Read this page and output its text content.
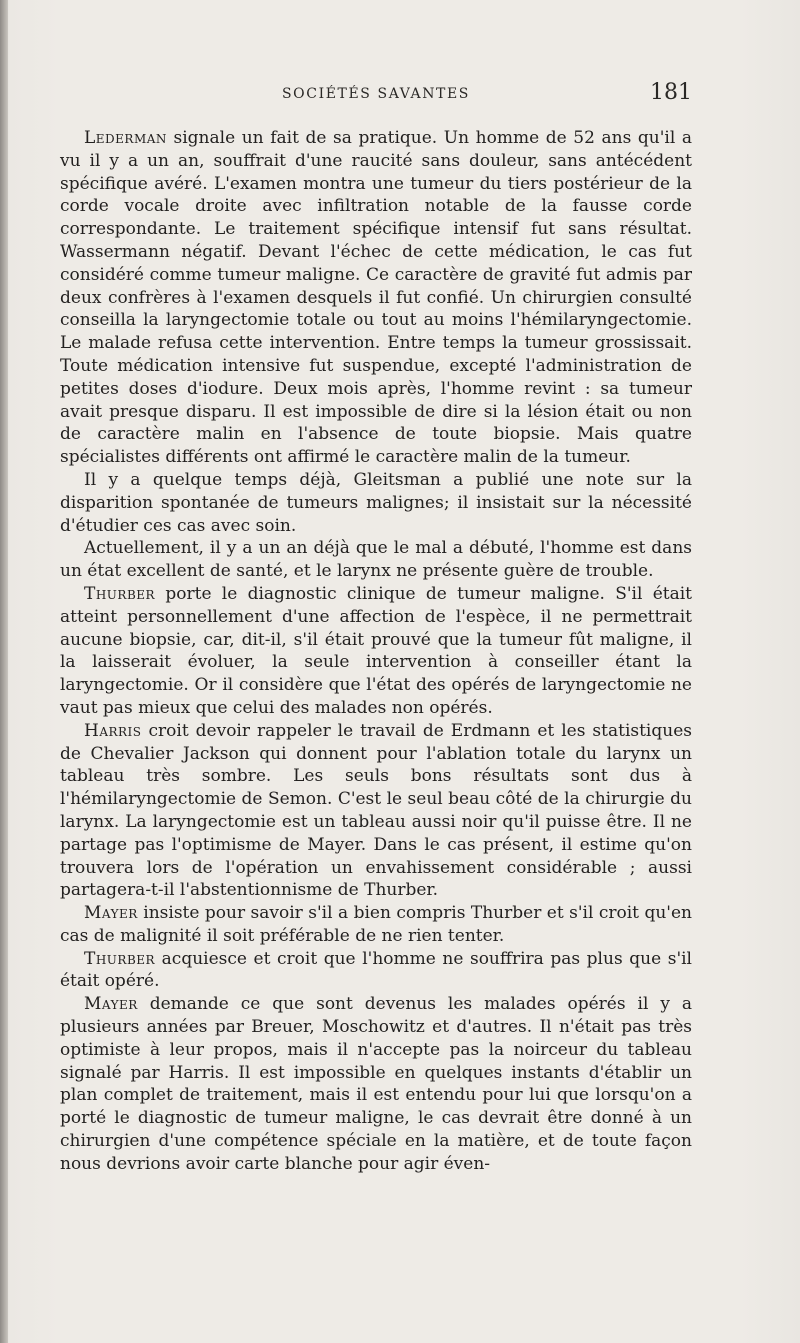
SOCIÉTÉS SAVANTES	181

Lederman signale un fait de sa pratique. Un homme de 52 ans qu'il a vu il y a un an, souffrait d'une raucité sans douleur, sans antécédent spécifique avéré. L'examen montra une tumeur du tiers postérieur de la corde vocale droite avec infiltration notable de la fausse corde correspondante. Le traitement spécifique intensif fut sans résultat. Wassermann négatif. Devant l'échec de cette médication, le cas fut considéré comme tumeur maligne. Ce caractère de gravité fut admis par deux confrères à l'examen desquels il fut confié. Un chirurgien consulté conseilla la laryngectomie totale ou tout au moins l'hémilaryngectomie. Le malade refusa cette intervention. Entre temps la tumeur grossissait. Toute médication intensive fut suspendue, excepté l'administration de petites doses d'iodure. Deux mois après, l'homme revint : sa tumeur avait presque disparu. Il est impossible de dire si la lésion était ou non de caractère malin en l'absence de toute biopsie. Mais quatre spécialistes différents ont affirmé le caractère malin de la tumeur.

Il y a quelque temps déjà, Gleitsman a publié une note sur la disparition spontanée de tumeurs malignes; il insistait sur la nécessité d'étudier ces cas avec soin.

Actuellement, il y a un an déjà que le mal a débuté, l'homme est dans un état excellent de santé, et le larynx ne présente guère de trouble.

Thurber porte le diagnostic clinique de tumeur maligne. S'il était atteint personnellement d'une affection de l'espèce, il ne permettrait aucune biopsie, car, dit-il, s'il était prouvé que la tumeur fût maligne, il la laisserait évoluer, la seule intervention à conseiller étant la laryngectomie. Or il considère que l'état des opérés de laryngectomie ne vaut pas mieux que celui des malades non opérés.

Harris croit devoir rappeler le travail de Erdmann et les statistiques de Chevalier Jackson qui donnent pour l'ablation totale du larynx un tableau très sombre. Les seuls bons résultats sont dus à l'hémilaryngectomie de Semon. C'est le seul beau côté de la chirurgie du larynx. La laryngectomie est un tableau aussi noir qu'il puisse être. Il ne partage pas l'optimisme de Mayer. Dans le cas présent, il estime qu'on trouvera lors de l'opération un envahissement considérable ; aussi partagera-t-il l'abstentionnisme de Thurber.

Mayer insiste pour savoir s'il a bien compris Thurber et s'il croit qu'en cas de malignité il soit préférable de ne rien tenter.

Thurber acquiesce et croit que l'homme ne souffrira pas plus que s'il était opéré.

Mayer demande ce que sont devenus les malades opérés il y a plusieurs années par Breuer, Moschowitz et d'autres. Il n'était pas très optimiste à leur propos, mais il n'accepte pas la noirceur du tableau signalé par Harris. Il est impossible en quelques instants d'établir un plan complet de traitement, mais il est entendu pour lui que lorsqu'on a porté le diagnostic de tumeur maligne, le cas devrait être donné à un chirurgien d'une compétence spéciale en la matière, et de toute façon nous devrions avoir carte blanche pour agir éven-
